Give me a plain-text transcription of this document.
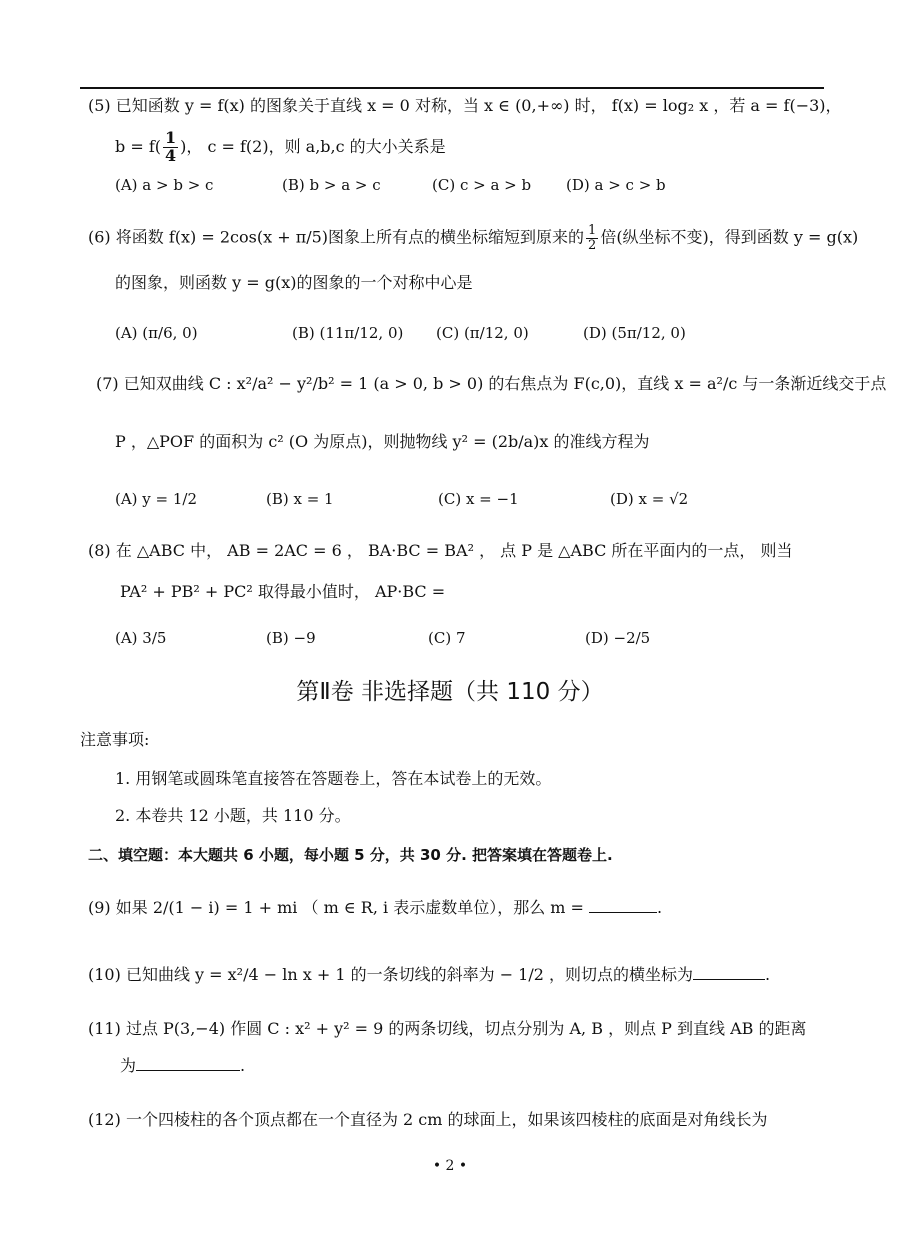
(5) 已知函数 y = f(x) 的图象关于直线 x = 0 对称，当 x ∈ (0,+∞) 时， f(x) = log₂ x ，若 a = f(−3)，
$b = f( \frac{1}{4}$ )， c = f(2)，则 a,b,c 的大小关系是
(A) a > b > c	(B) b > a > c	(C) c > a > b (D) a > c > b
(6) 将函数 f(x) = 2cos(x + π/5)图象上所有点的横坐标缩短到原来的 $\frac{1}{2}$ 倍(纵坐标不变)，得到函数 y = g(x)
的图象，则函数 y = g(x)的图象的一个对称中心是
(A) (π/6, 0)	(B) (11π/12, 0) (C) (π/12, 0)	(D) (5π/12, 0)
(7) 已知双曲线 C : x²/a² − y²/b² = 1 (a > 0, b > 0) 的右焦点为 F(c,0)，直线 x = a²/c 与一条渐近线交于点
P ，△POF 的面积为 c² (O 为原点)，则抛物线 y² = (2b/a)x 的准线方程为
(A) y = 1/2	(B) x = 1	(C) x = −1	(D) x = √2
(8) 在 △ABC 中， AB = 2AC = 6 ， BA·BC = BA² ， 点 P 是 △ABC 所在平面内的一点， 则当
PA² + PB² + PC² 取得最小值时， AP·BC =
(A) 3/5	(B) −9	(C) 7	(D) −2/5
第Ⅱ卷 非选择题（共 110 分）
注意事项:
1. 用钢笔或圆珠笔直接答在答题卷上，答在本试卷上的无效。
2. 本卷共 12 小题，共 110 分。
二、填空题：本大题共 6 小题，每小题 5 分，共 30 分. 把答案填在答题卷上.
(9) 如果 2/(1 − i) = 1 + mi （ m ∈ R, i 表示虚数单位），那么 m =	.
(10) 已知曲线 y = x²/4 − ln x + 1 的一条切线的斜率为 − 1/2 ，则切点的横坐标为	.
(11) 过点 P(3,−4) 作圆 C : x² + y² = 9 的两条切线，切点分别为 A, B ，则点 P 到直线 AB 的距离
为	.
(12) 一个四棱柱的各个顶点都在一个直径为 2 cm 的球面上，如果该四棱柱的底面是对角线长为
• 2 •
